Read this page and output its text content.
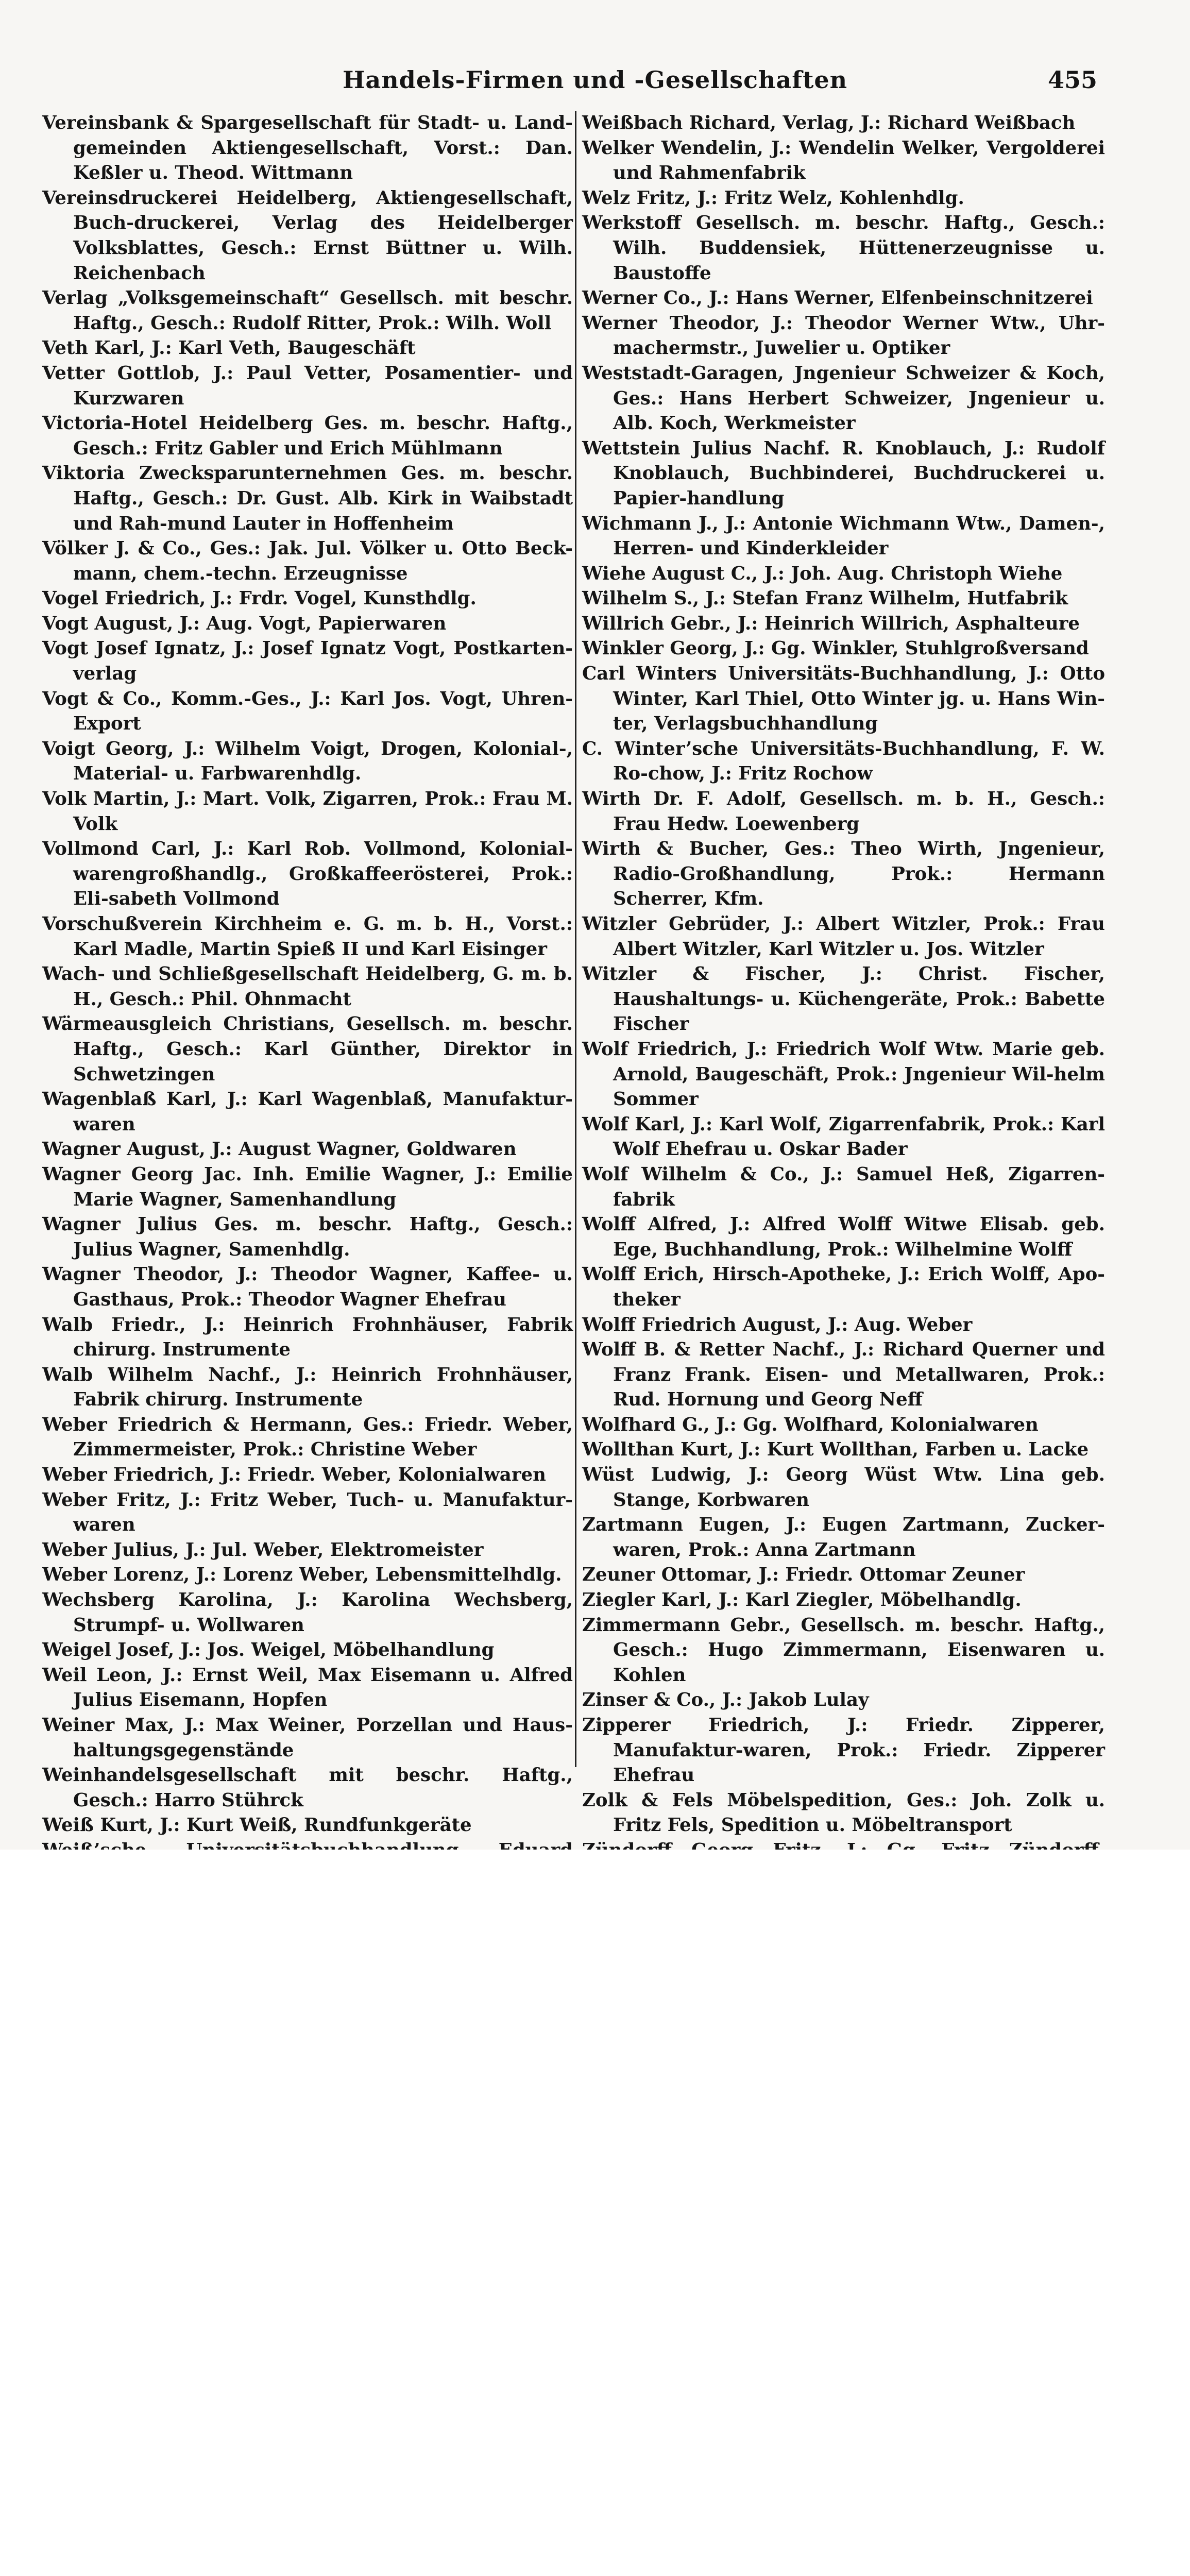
Handels-Firmen und -Gesellschaften	455

Vereinsbank & Spargesellschaft für Stadt- u. Land-gemeinden Aktiengesellschaft, Vorst.: Dan. Keßler u. Theod. Wittmann

Vereinsdruckerei Heidelberg, Aktiengesellschaft, Buch-druckerei, Verlag des Heidelberger Volksblattes, Gesch.: Ernst Büttner u. Wilh. Reichenbach

Verlag „Volksgemeinschaft“ Gesellsch. mit beschr. Haftg., Gesch.: Rudolf Ritter, Prok.: Wilh. Woll

Veth Karl, J.: Karl Veth, Baugeschäft

Vetter Gottlob, J.: Paul Vetter, Posamentier- und Kurzwaren

Victoria-Hotel Heidelberg Ges. m. beschr. Haftg., Gesch.: Fritz Gabler und Erich Mühlmann

Viktoria Zwecksparunternehmen Ges. m. beschr. Haftg., Gesch.: Dr. Gust. Alb. Kirk in Waibstadt und Rah-mund Lauter in Hoffenheim

Völker J. & Co., Ges.: Jak. Jul. Völker u. Otto Beck-mann, chem.-techn. Erzeugnisse

Vogel Friedrich, J.: Frdr. Vogel, Kunsthdlg.

Vogt August, J.: Aug. Vogt, Papierwaren

Vogt Josef Ignatz, J.: Josef Ignatz Vogt, Postkarten-verlag

Vogt & Co., Komm.-Ges., J.: Karl Jos. Vogt, Uhren-Export

Voigt Georg, J.: Wilhelm Voigt, Drogen, Kolonial-, Material- u. Farbwarenhdlg.

Volk Martin, J.: Mart. Volk, Zigarren, Prok.: Frau M. Volk

Vollmond Carl, J.: Karl Rob. Vollmond, Kolonial-warengroßhandlg., Großkaffeerösterei, Prok.: Eli-sabeth Vollmond

Vorschußverein Kirchheim e. G. m. b. H., Vorst.: Karl Madle, Martin Spieß II und Karl Eisinger

Wach- und Schließgesellschaft Heidelberg, G. m. b. H., Gesch.: Phil. Ohnmacht

Wärmeausgleich Christians, Gesellsch. m. beschr. Haftg., Gesch.: Karl Günther, Direktor in Schwetzingen

Wagenblaß Karl, J.: Karl Wagenblaß, Manufaktur-waren

Wagner August, J.: August Wagner, Goldwaren

Wagner Georg Jac. Inh. Emilie Wagner, J.: Emilie Marie Wagner, Samenhandlung

Wagner Julius Ges. m. beschr. Haftg., Gesch.: Julius Wagner, Samenhdlg.

Wagner Theodor, J.: Theodor Wagner, Kaffee- u. Gasthaus, Prok.: Theodor Wagner Ehefrau

Walb Friedr., J.: Heinrich Frohnhäuser, Fabrik chirurg. Instrumente

Walb Wilhelm Nachf., J.: Heinrich Frohnhäuser, Fabrik chirurg. Instrumente

Weber Friedrich & Hermann, Ges.: Friedr. Weber, Zimmermeister, Prok.: Christine Weber

Weber Friedrich, J.: Friedr. Weber, Kolonialwaren

Weber Fritz, J.: Fritz Weber, Tuch- u. Manufaktur-waren

Weber Julius, J.: Jul. Weber, Elektromeister

Weber Lorenz, J.: Lorenz Weber, Lebensmittelhdlg.

Wechsberg Karolina, J.: Karolina Wechsberg, Strumpf- u. Wollwaren

Weigel Josef, J.: Jos. Weigel, Möbelhandlung

Weil Leon, J.: Ernst Weil, Max Eisemann u. Alfred Julius Eisemann, Hopfen

Weiner Max, J.: Max Weiner, Porzellan und Haus-haltungsgegenstände

Weinhandelsgesellschaft mit beschr. Haftg., Gesch.: Harro Stührck

Weiß Kurt, J.: Kurt Weiß, Rundfunkgeräte

Weißbach Richard, Verlag, J.: Richard Weißbach

Welker Wendelin, J.: Wendelin Welker, Vergolderei und Rahmenfabrik

Welz Fritz, J.: Fritz Welz, Kohlenhdlg.

Werkstoff Gesellsch. m. beschr. Haftg., Gesch.: Wilh. Buddensiek, Hüttenerzeugnisse u. Baustoffe

Werner Co., J.: Hans Werner, Elfenbeinschnitzerei

Werner Theodor, J.: Theodor Werner Wtw., Uhr-machermstr., Juwelier u. Optiker

Weststadt-Garagen, Jngenieur Schweizer & Koch, Ges.: Hans Herbert Schweizer, Jngenieur u. Alb. Koch, Werkmeister

Wettstein Julius Nachf. R. Knoblauch, J.: Rudolf Knoblauch, Buchbinderei, Buchdruckerei u. Papier-handlung

Wichmann J., J.: Antonie Wichmann Wtw., Damen-, Herren- und Kinderkleider

Wiehe August C., J.: Joh. Aug. Christoph Wiehe

Wilhelm S., J.: Stefan Franz Wilhelm, Hutfabrik

Willrich Gebr., J.: Heinrich Willrich, Asphalteure

Winkler Georg, J.: Gg. Winkler, Stuhlgroßversand

Carl Winters Universitäts-Buchhandlung, J.: Otto Winter, Karl Thiel, Otto Winter jg. u. Hans Win-ter, Verlagsbuchhandlung

C. Winter’sche Universitäts-Buchhandlung, F. W. Ro-chow, J.: Fritz Rochow

Wirth Dr. F. Adolf, Gesellsch. m. b. H., Gesch.: Frau Hedw. Loewenberg

Wirth & Bucher, Ges.: Theo Wirth, Jngenieur, Radio-Großhandlung, Prok.: Hermann Scherrer, Kfm.

Witzler Gebrüder, J.: Albert Witzler, Prok.: Frau Albert Witzler, Karl Witzler u. Jos. Witzler

Witzler & Fischer, J.: Christ. Fischer, Haushaltungs- u. Küchengeräte, Prok.: Babette Fischer

Wolf Friedrich, J.: Friedrich Wolf Wtw. Marie geb. Arnold, Baugeschäft, Prok.: Jngenieur Wil-helm Sommer

Wolf Karl, J.: Karl Wolf, Zigarrenfabrik, Prok.: Karl Wolf Ehefrau u. Oskar Bader

Wolf Wilhelm & Co., J.: Samuel Heß, Zigarren-fabrik

Wolff Alfred, J.: Alfred Wolff Witwe Elisab. geb. Ege, Buchhandlung, Prok.: Wilhelmine Wolff

Wolff Erich, Hirsch-Apotheke, J.: Erich Wolff, Apo-theker

Wolff Friedrich August, J.: Aug. Weber

Wolff B. & Retter Nachf., J.: Richard Querner und Franz Frank. Eisen- und Metallwaren, Prok.: Rud. Hornung und Georg Neff

Wolfhard G., J.: Gg. Wolfhard, Kolonialwaren

Wollthan Kurt, J.: Kurt Wollthan, Farben u. Lacke

Wüst Ludwig, J.: Georg Wüst Wtw. Lina geb. Stange, Korbwaren

Zartmann Eugen, J.: Eugen Zartmann, Zucker-waren, Prok.: Anna Zartmann

Zeuner Ottomar, J.: Friedr. Ottomar Zeuner

Ziegler Karl, J.: Karl Ziegler, Möbelhandlg.

Zimmermann Gebr., Gesellsch. m. beschr. Haftg., Gesch.: Hugo Zimmermann, Eisenwaren u. Kohlen

Zinser & Co., J.: Jakob Lulay

Zipperer Friedrich, J.: Friedr. Zipperer, Manufaktur-waren, Prok.: Friedr. Zipperer Ehefrau

Zolk & Fels Möbelspedition, Ges.: Joh. Zolk u. Fritz Fels, Spedition u. Möbeltransport
